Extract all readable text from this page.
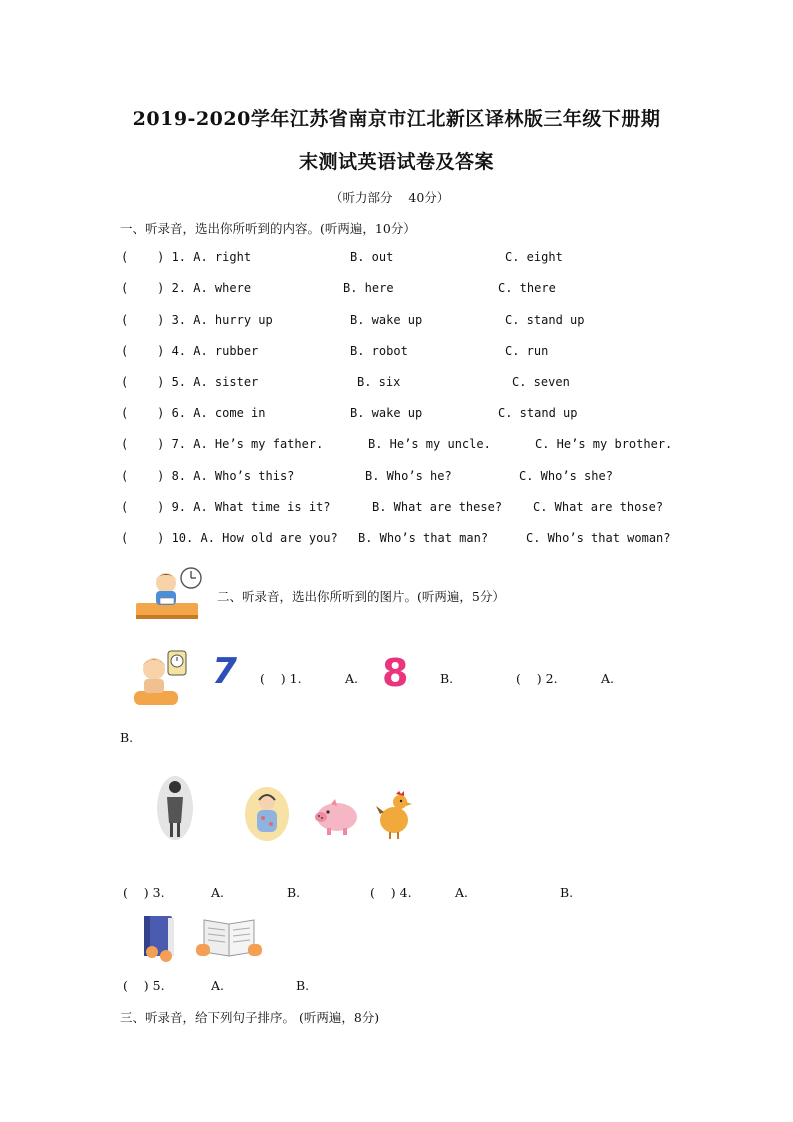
2019-2020学年江苏省南京市江北新区译林版三年级下册期
末测试英语试卷及答案
（听力部分    40分）
一、听录音，选出你所听到的内容。(听两遍，10分）
(    ) 1. A. right	B. out	C. eight
(    ) 2. A. where	B. here	C. there
(    ) 3. A. hurry up	B. wake up	C. stand up
(    ) 4. A. rubber	B. robot	C. run
(    ) 5. A. sister	B. six	C. seven
(    ) 6. A. come in	B. wake up	C. stand up
(    ) 7. A. He’s my father.	B. He’s my uncle.	C. He’s my brother.
(    ) 8. A. Who’s this?	B. Who’s he?	C. Who’s she?
(    ) 9. A. What time is it?	B. What are these?	C. What are those?
(    ) 10. A. How old are you? B. Who’s that man?	C. Who’s that woman?
二、听录音，选出你所听到的图片。(听两遍，5分）
7 (    ) 1.	A. 8	B.	(    ) 2.	A.
B.
(    ) 3.	A.	B.	(    ) 4.	A.	B.
(    ) 5.	A.	B.
三、听录音，给下列句子排序。 (听两遍，8分)
